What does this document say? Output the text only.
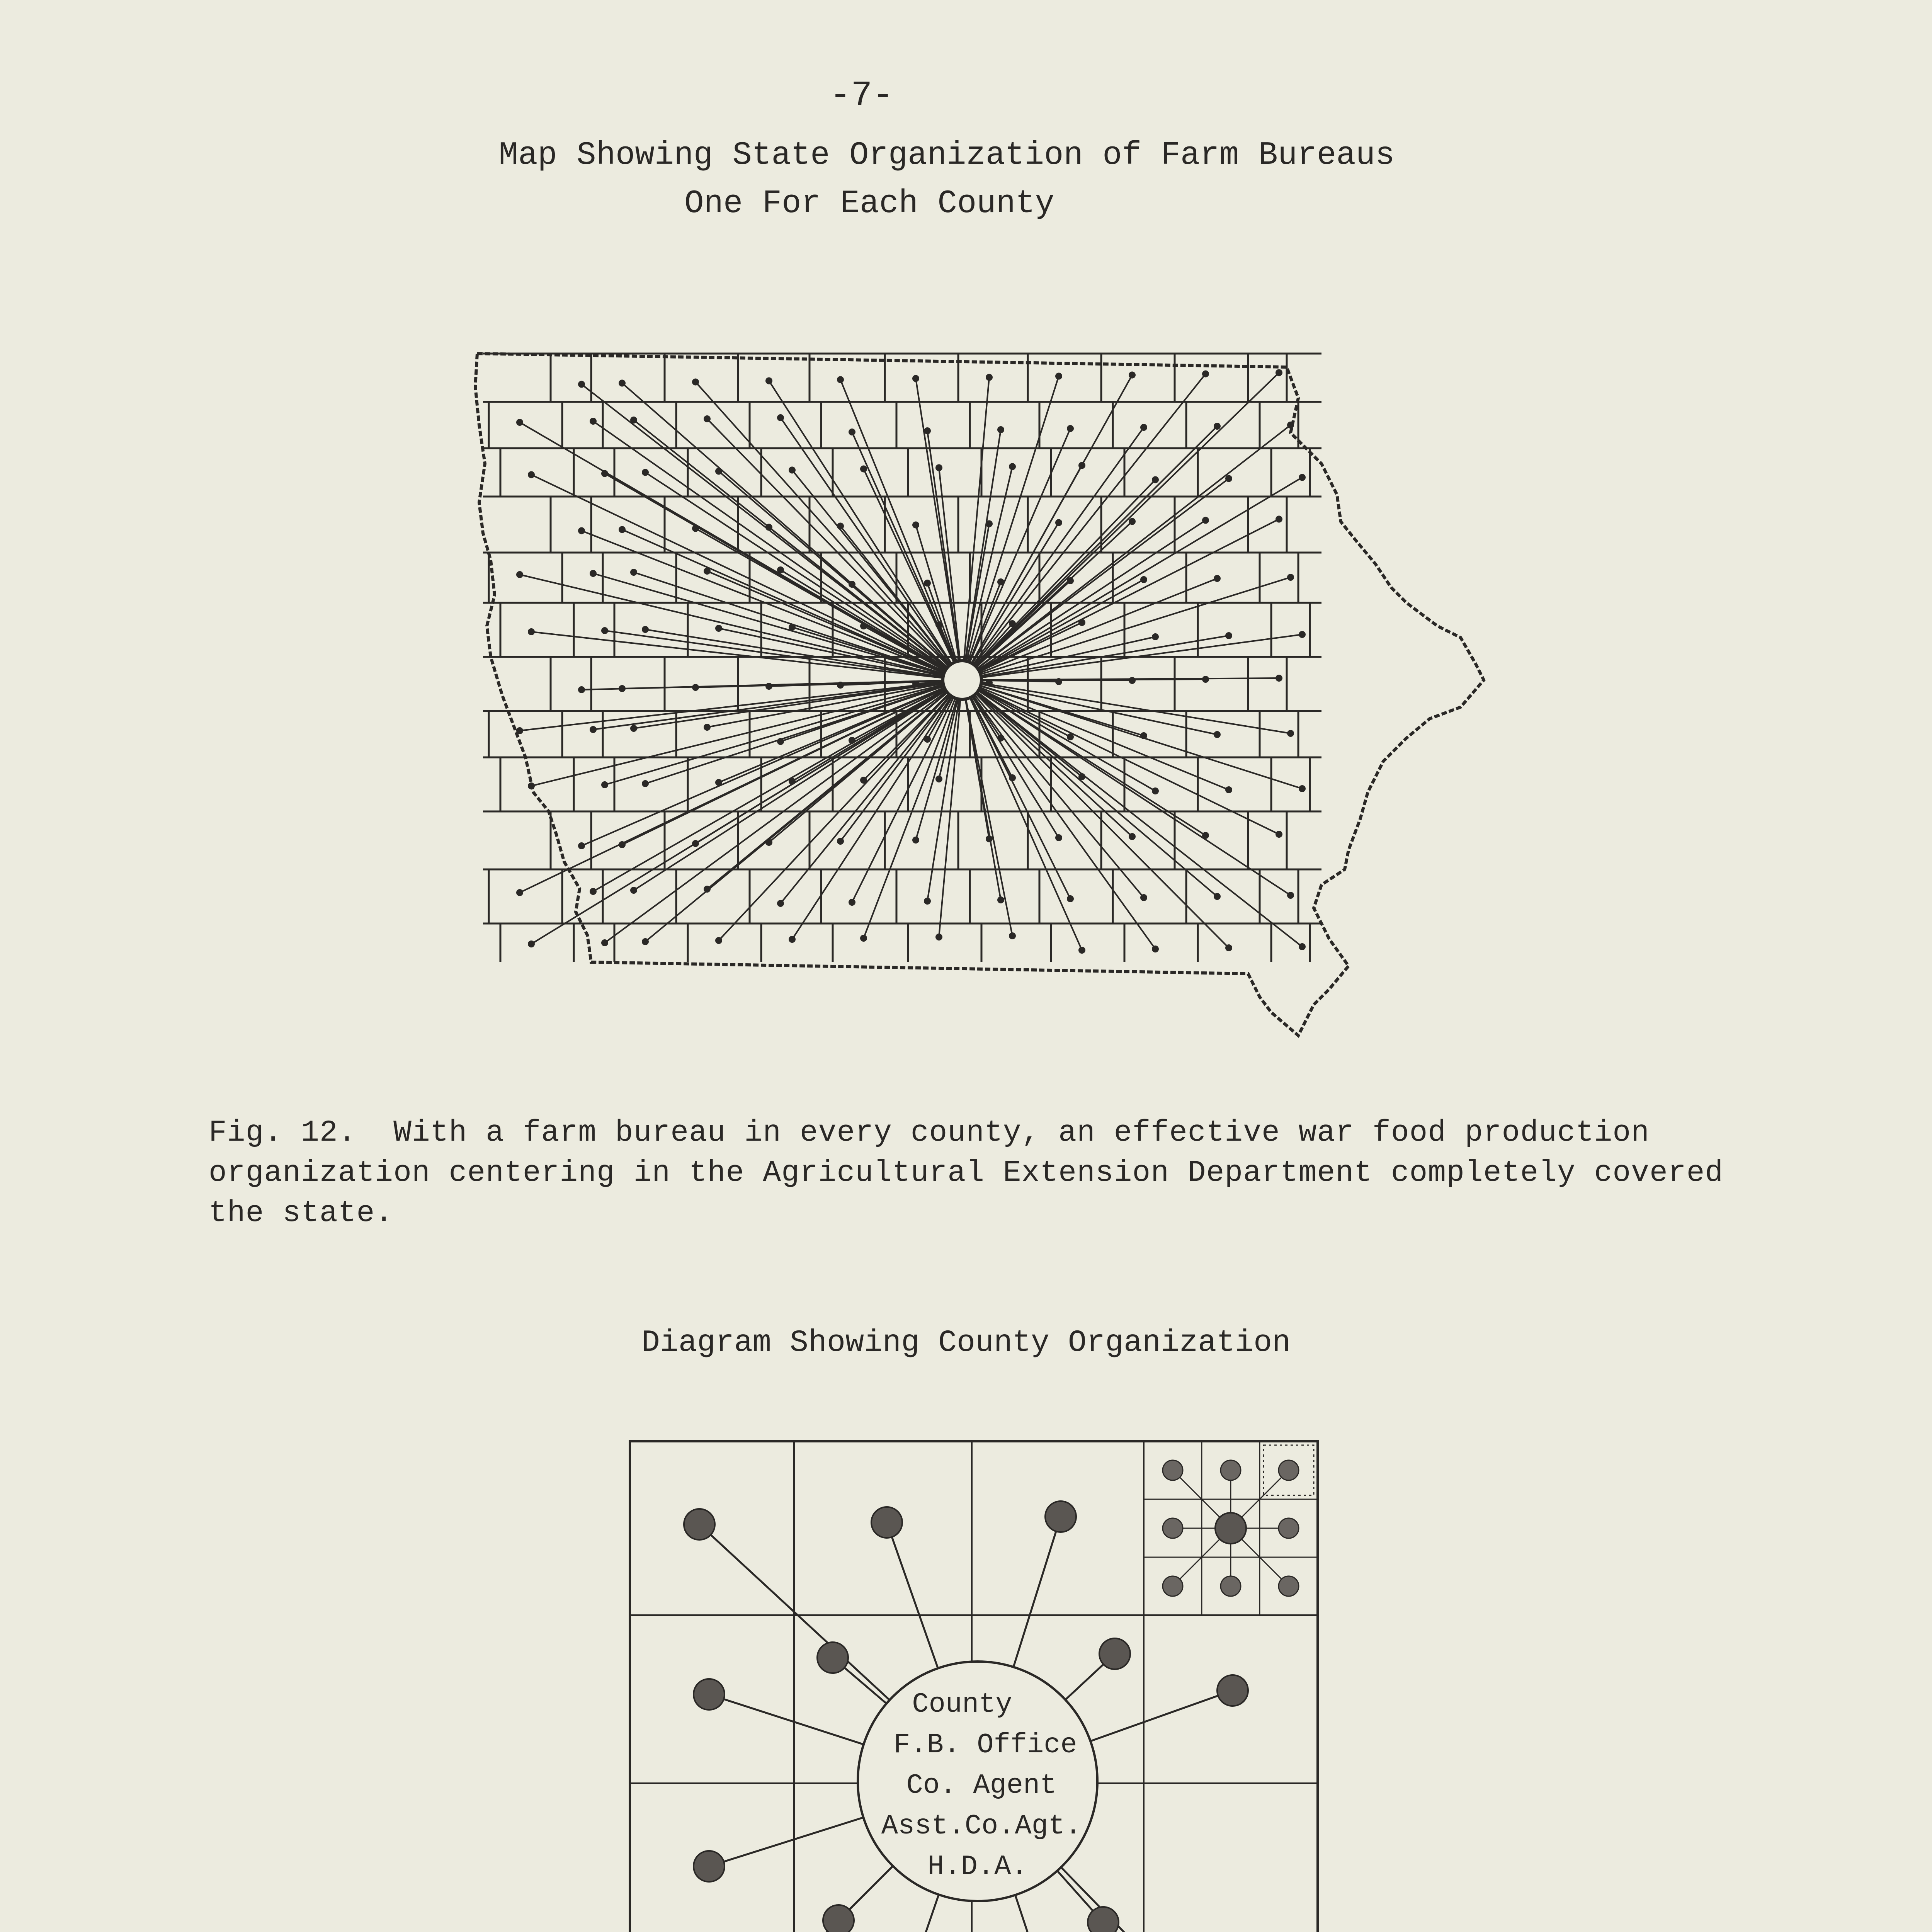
-7-
Map Showing State Organization of Farm Bureaus
One For Each County
Fig. 12.  With a farm bureau in every county, an effective war food production
organization centering in the Agricultural Extension Department completely covered
the state.
Diagram Showing County Organization
County
F.B. Office
Co. Agent
Asst.Co.Agt.
H.D.A.
